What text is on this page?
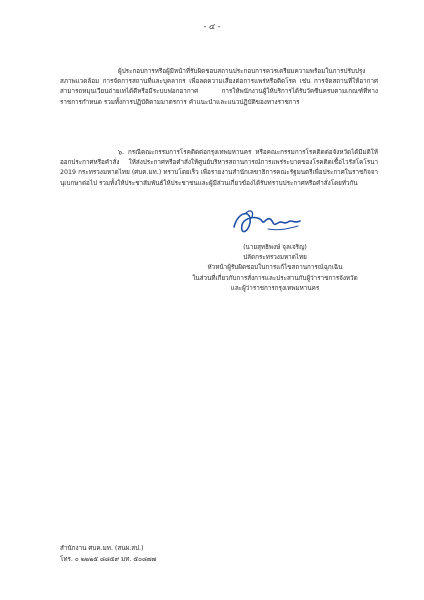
- ๔ -

ผู้ประกอบการหรือผู้มีหน้าที่รับผิดชอบสถานประกอบการควรเตรียมความพร้อมในการปรับปรุงสภาพแวดล้อม การจัดการสถานที่และบุคลากร เพื่อลดความเสี่ยงต่อการแพร่หรือติดโรค เช่น การจัดสถานที่ให้อากาศสามารถหมุนเวียนถ่ายเทได้ดีหรือมีระบบฟอกอากาศ การให้พนักงานผู้ให้บริการได้รับวัคซีนครบตามเกณฑ์ที่ทางราชการกำหนด รวมทั้งการปฏิบัติตามมาตรการ คำแนะนำและแนวปฏิบัติของทางราชการ

๖. กรณีคณะกรรมการโรคติดต่อกรุงเทพมหานคร หรือคณะกรรมการโรคติดต่อจังหวัดได้มีมติให้ออกประกาศหรือคำสั่ง ให้ส่งประกาศหรือคำสั่งให้ศูนย์บริหารสถานการณ์การแพร่ระบาดของโรคติดเชื้อไวรัสโคโรนา 2019 กระทรวงมหาดไทย (ศบค.มท.) ทราบโดยเร็ว เพื่อรายงานสำนักเลขาธิการคณะรัฐมนตรีเพื่อประกาศในราชกิจจานุเบกษาต่อไป รวมทั้งให้ประชาสัมพันธ์ให้ประชาชนและผู้มีส่วนเกี่ยวข้องได้รับทราบประกาศหรือคำสั่งโดยทั่วกัน

(นายสุทธิพงษ์ จุลเจริญ)
ปลัดกระทรวงมหาดไทย
หัวหน้าผู้รับผิดชอบในการแก้ไขสถานการณ์ฉุกเฉิน
ในส่วนที่เกี่ยวกับการสั่งการและประสานกับผู้ว่าราชการจังหวัด
และผู้ว่าราชการกรุงเทพมหานคร
สำนักงาน ศบค.มท. (สนผ.สป.)
โทร. ๐ ๒๒๒๕ ๘๘๕๙ มท. ๕๐๘๗๗
